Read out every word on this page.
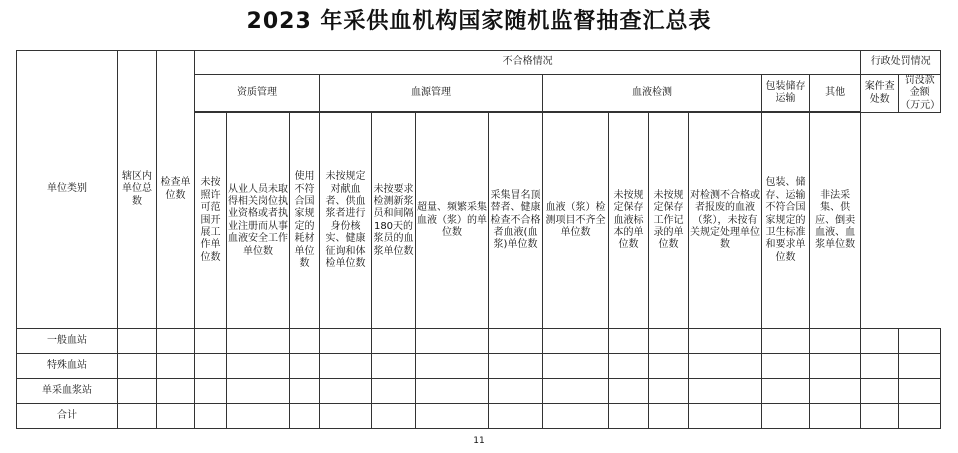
2023 年采供血机构国家随机监督抽查汇总表
单位类别	辖区内单位总数	检查单位数	不合格情况													行政处罚情况	
			资质管理			血源管理				血液检测				包装储存运输	其他	案件查处数	罚没款金额（万元）

			未按照许可范围开展工作单位数	从业人员未取得相关岗位执业资格或者执业注册而从事血液安全工作单位数	使用不符合国家规定的耗材单位数	未按规定对献血者、供血浆者进行身份核实、健康征询和体检单位数	未按要求检测新浆员和间隔180天的浆员的血浆单位数	超量、频繁采集血液（浆）的单位数	采集冒名顶替者、健康检查不合格者血液(血浆)单位数	血液（浆）检测项目不齐全单位数	未按规定保存血液标本的单位数	未按规定保存工作记录的单位数	对检测不合格或者报废的血液（浆），未按有关规定处理单位数	包装、储存、运输不符合国家规定的卫生标准和要求单位数	非法采集、供应、倒卖血液、血浆单位数		
一般血站																	
特殊血站																	
单采血浆站																	
合计																	
11
